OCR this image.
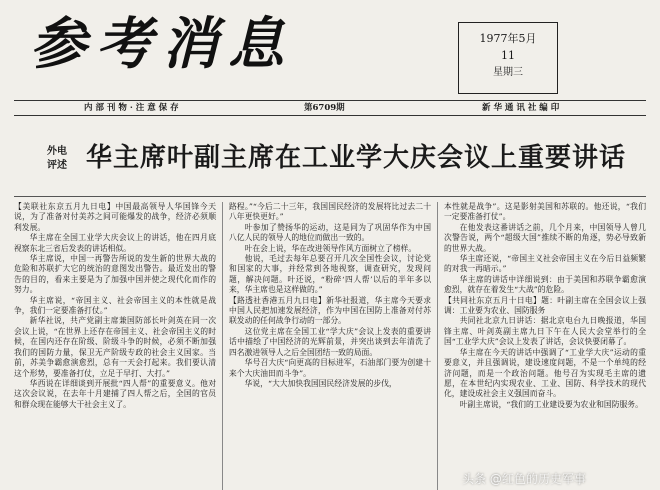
参考消息	1977年5月
11
星期三
内 部 刊 物 · 注 意 保 存	第6709期	新 华 通 讯 社 编 印
外电
评述 华主席叶副主席在工业学大庆会议上重要讲话

【美联社东京五月九日电】中国最高领导人华国锋今天说，为了准备对付美苏之间可能爆发的战争，经济必须顺利发展。

华主席在全国工业学大庆会议上的讲话，他在四月底视察东北三省后发表的讲话相似。

华主席说，中国一再警告所说的发生新的世界大战的危险和苏联扩大它的统治的意图发出警告。最近发出的警告的目的，看来主要是为了加强中国并使之现代化而作的努力。

华主席说，“帝国主义、社会帝国主义的本性就是战争，我们一定要准备打仗。”

新华社说，共产党副主席兼国防部长叶剑英在同一次会议上说，“在世界上还存在帝国主义、社会帝国主义的时候，在国内还存在阶级、阶级斗争的时候，必须不断加强我们的国防力量，保卫无产阶级专政的社会主义国家。当前，苏美争霸愈演愈烈，总有一天会打起来。我们要认清这个形势，要准备打仗，立足于早打、大打。”

华西说在详细谈到开展批“四人帮”的重要意义。他对这次会议说，在去年十月建捕了四人帮之后，全国的官员和群众现在能够大干社会主义了。

路程。”“今后二十三年，我国国民经济的发展将比过去二十八年更快更好。”

叶参加了赞扬华的运动，这是同为了巩固华作为中国八亿人民的领导人的地位而做出一致的。

叶在会上说，华在改进领导作风方面树立了榜样。

他说，毛过去每年总要召开几次全国性会议，讨论党和国家的大事，并经常到各地视察，调查研究，发现问题，解决问题。叶还说，“粉碎‘四人帮’以后的半年多以来，华主席也是这样做的。”

【路透社香港五月九日电】新华社报道，华主席今天要求中国人民把加速发展经济，作为中国在国防上准备对付苏联发动的任何战争行动的一部分。

这位党主席在全国工业“学大庆”会议上发表的重要讲话中描绘了中国经济的光辉前景，并突出谈到去年清洗了四名激进领导人之后全国团结一致的局面。

华号召大庆“向更高的目标进军，石油部门要为创建十来个大庆油田而斗争”。

华说，“大大加快我国国民经济发展的步伐，

本性就是战争”。这是影射美国和苏联的。他还说，“我们一定要准备打仗”。

在他发表这番讲话之前，几个月来，中国领导人曾几次警告说，两个“超级大国”推续不断的角逐，势必导致新的世界大战。

华主席还说，“帝国主义社会帝国主义在今后日益频繁的对我一再暗示。”

华主席的讲话中详细说到：由于美国和苏联争霸愈演愈烈，就存在着发生“大战”的危险。

【共同社东京五月十日电】题：叶副主席在全国会议上强调：工业要为农业、国防服务

共同社北京九日讲话：据北京电台九日晚报道，华国锋主席、叶剑英副主席九日下午在人民大会堂举行的全国“工业学大庆”会议上发表了讲话，会议快要闭幕了。

华主席在今天的讲话中强调了“工业学大庆”运动的重要意义，并且强调说，建设速度问题，不是一个单纯的经济问题，而是一个政治问题。他号召为实现毛主席的遗愿，在本世纪内实现农业、工业、国防、科学技术的现代化，建设成社会主义强国而奋斗。

叶副主席说，“我们的工业建设要为农业和国防服务。

头条 @红色的历史军事
